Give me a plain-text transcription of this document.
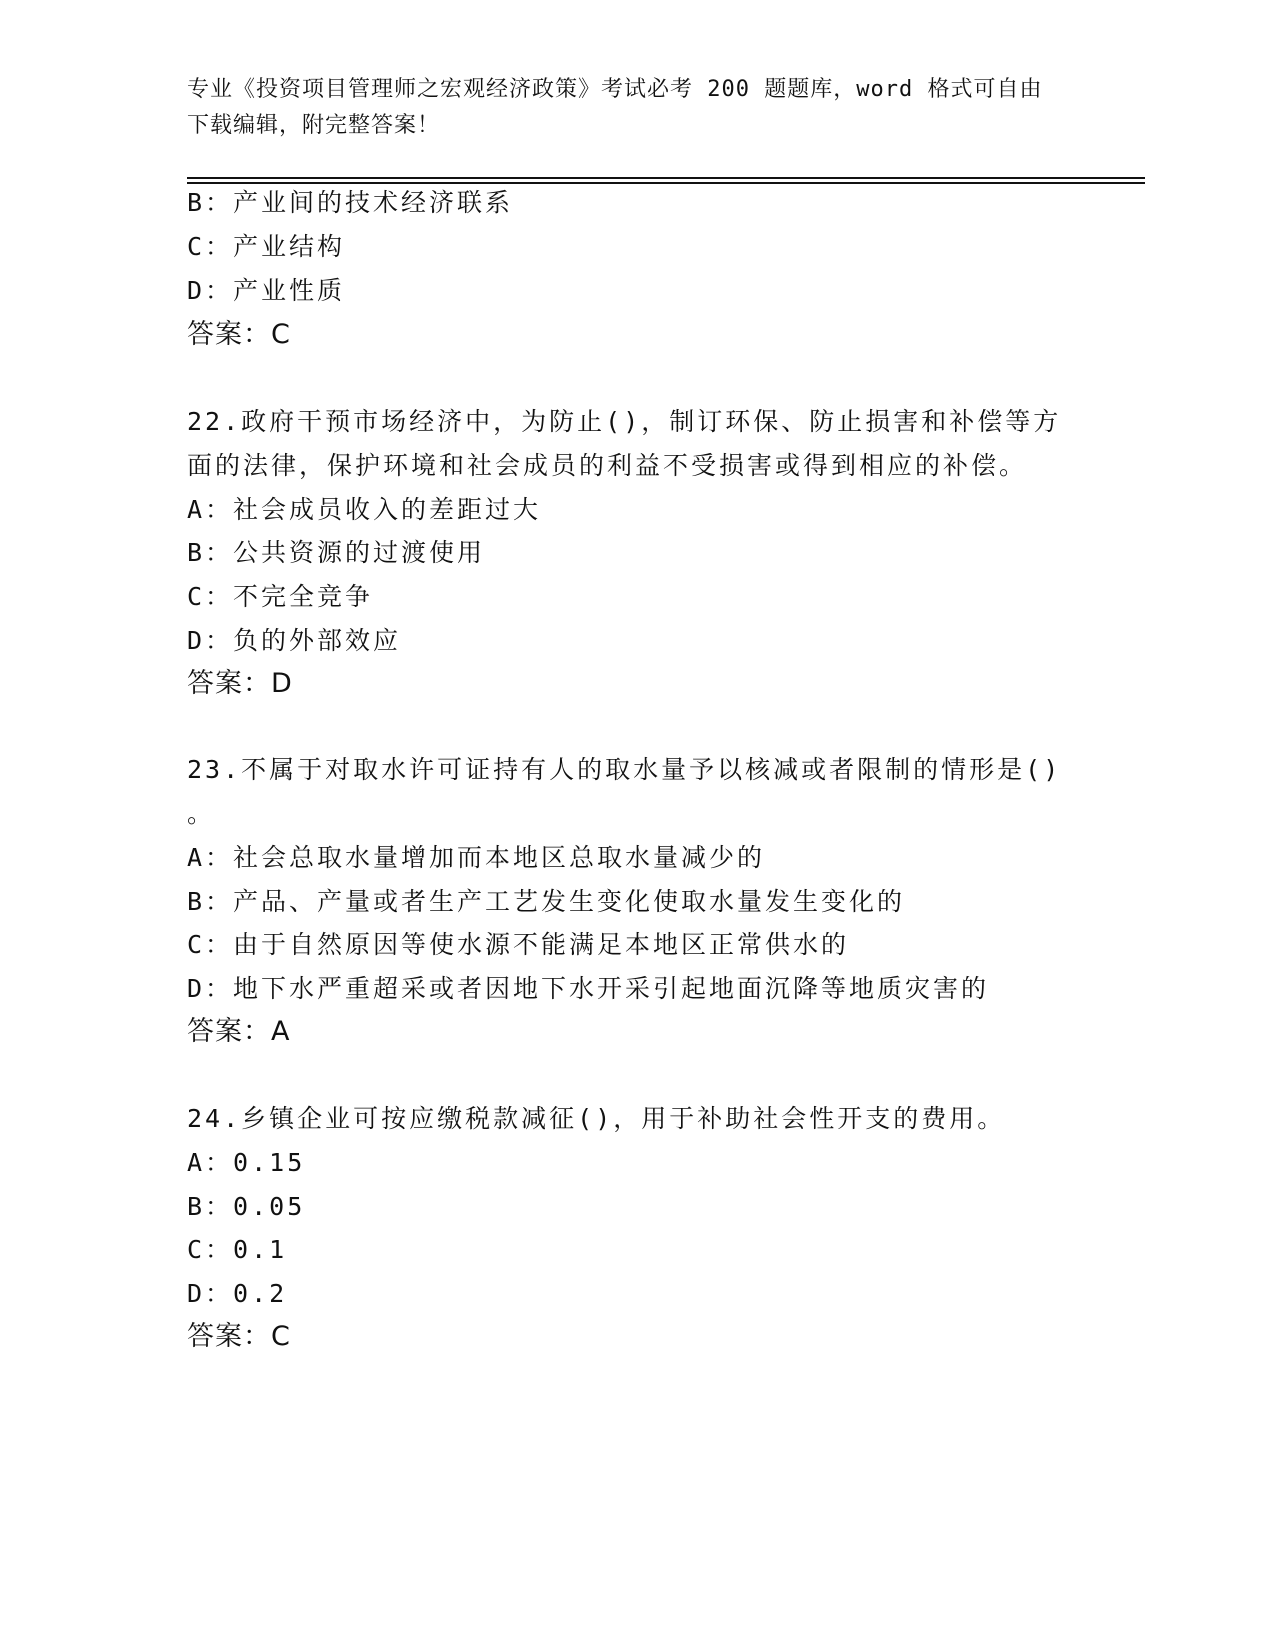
专业《投资项目管理师之宏观经济政策》考试必考 200 题题库，word 格式可自由
下载编辑，附完整答案！
B：产业间的技术经济联系
C：产业结构
D：产业性质
答案：C
22.政府干预市场经济中，为防止()，制订环保、防止损害和补偿等方
面的法律，保护环境和社会成员的利益不受损害或得到相应的补偿。
A：社会成员收入的差距过大
B：公共资源的过渡使用
C：不完全竞争
D：负的外部效应
答案：D
23.不属于对取水许可证持有人的取水量予以核减或者限制的情形是()
。
A：社会总取水量增加而本地区总取水量减少的
B：产品、产量或者生产工艺发生变化使取水量发生变化的
C：由于自然原因等使水源不能满足本地区正常供水的
D：地下水严重超采或者因地下水开采引起地面沉降等地质灾害的
答案：A
24.乡镇企业可按应缴税款减征()，用于补助社会性开支的费用。
A：0.15
B：0.05
C：0.1
D：0.2
答案：C
